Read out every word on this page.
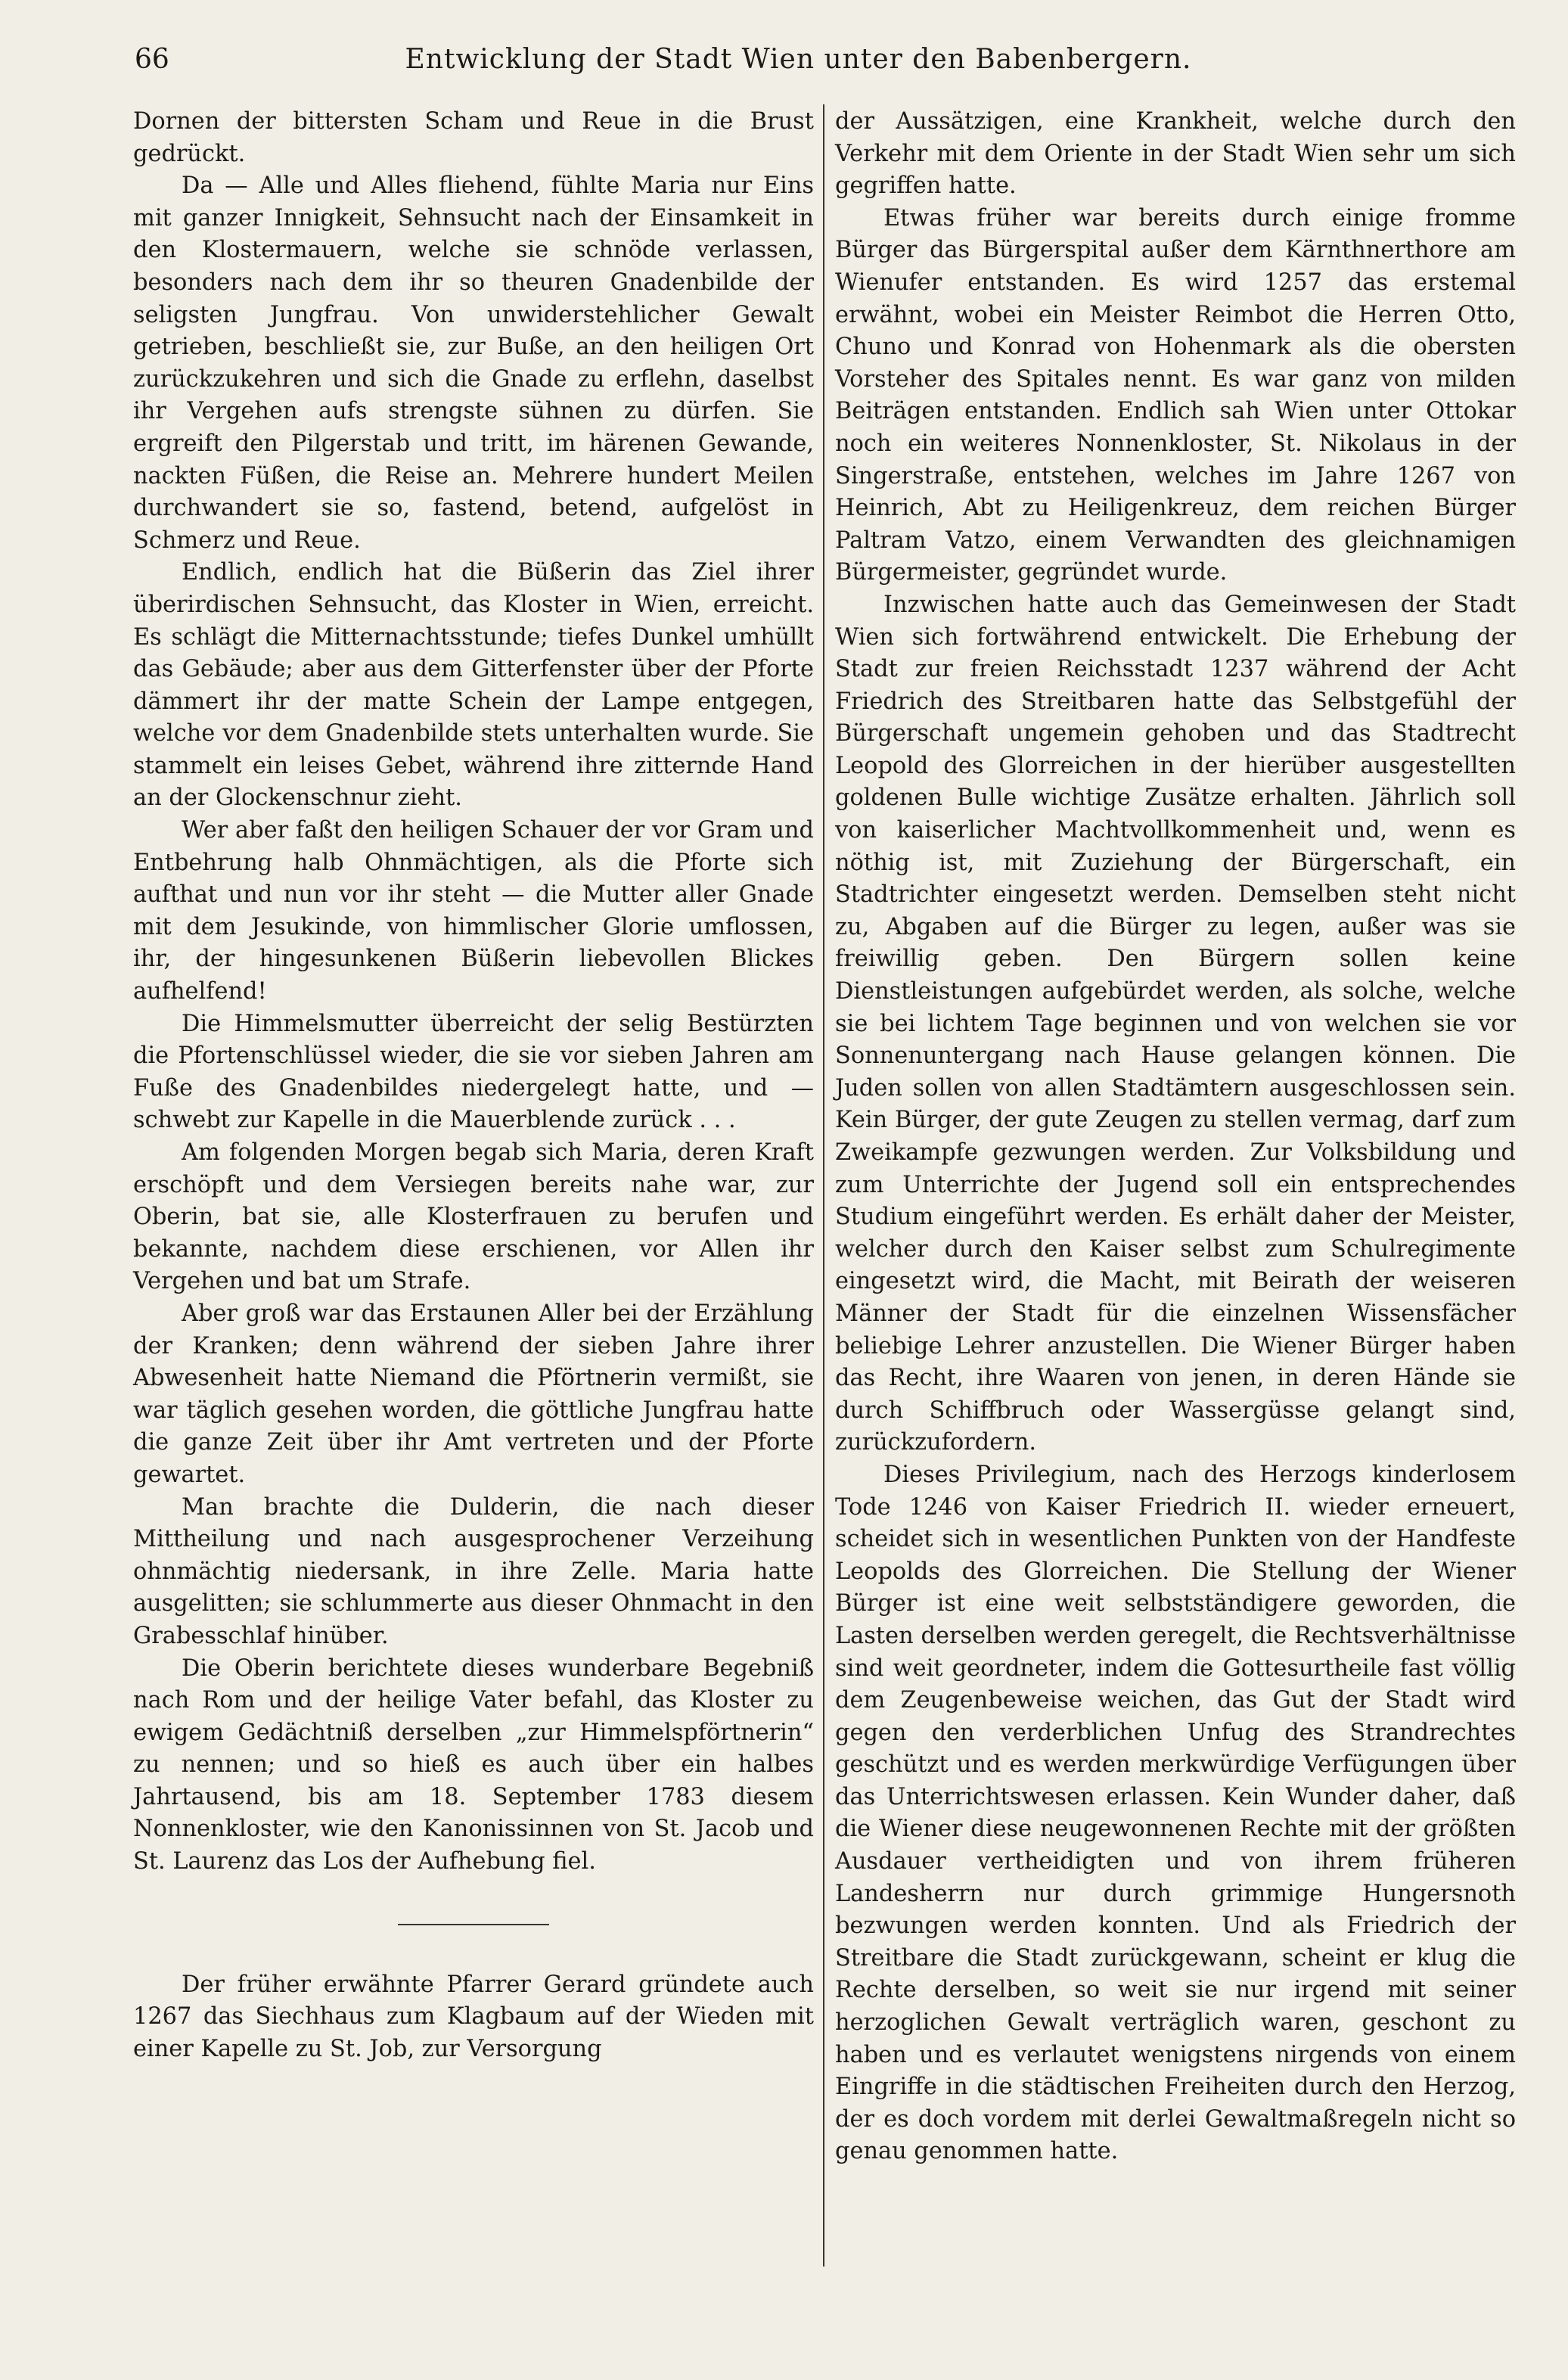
66	Entwicklung der Stadt Wien unter den Babenbergern.

Dornen der bittersten Scham und Reue in die Brust gedrückt.

Da — Alle und Alles fliehend, fühlte Maria nur Eins mit ganzer Innigkeit, Sehnsucht nach der Einsamkeit in den Klostermauern, welche sie schnöde verlassen, besonders nach dem ihr so theuren Gnadenbilde der seligsten Jungfrau. Von unwiderstehlicher Gewalt getrieben, beschließt sie, zur Buße, an den heiligen Ort zurückzukehren und sich die Gnade zu erflehn, daselbst ihr Vergehen aufs strengste sühnen zu dürfen. Sie ergreift den Pilgerstab und tritt, im härenen Gewande, nackten Füßen, die Reise an. Mehrere hundert Meilen durchwandert sie so, fastend, betend, aufgelöst in Schmerz und Reue.

Endlich, endlich hat die Büßerin das Ziel ihrer überirdischen Sehnsucht, das Kloster in Wien, erreicht. Es schlägt die Mitternachtsstunde; tiefes Dunkel umhüllt das Gebäude; aber aus dem Gitterfenster über der Pforte dämmert ihr der matte Schein der Lampe entgegen, welche vor dem Gnadenbilde stets unterhalten wurde. Sie stammelt ein leises Gebet, während ihre zitternde Hand an der Glockenschnur zieht.

Wer aber faßt den heiligen Schauer der vor Gram und Entbehrung halb Ohnmächtigen, als die Pforte sich aufthat und nun vor ihr steht — die Mutter aller Gnade mit dem Jesukinde, von himmlischer Glorie umflossen, ihr, der hingesunkenen Büßerin liebevollen Blickes aufhelfend!

Die Himmelsmutter überreicht der selig Bestürzten die Pfortenschlüssel wieder, die sie vor sieben Jahren am Fuße des Gnadenbildes niedergelegt hatte, und — schwebt zur Kapelle in die Mauerblende zurück . . .

Am folgenden Morgen begab sich Maria, deren Kraft erschöpft und dem Versiegen bereits nahe war, zur Oberin, bat sie, alle Klosterfrauen zu berufen und bekannte, nachdem diese erschienen, vor Allen ihr Vergehen und bat um Strafe.

Aber groß war das Erstaunen Aller bei der Erzählung der Kranken; denn während der sieben Jahre ihrer Abwesenheit hatte Niemand die Pförtnerin vermißt, sie war täglich gesehen worden, die göttliche Jungfrau hatte die ganze Zeit über ihr Amt vertreten und der Pforte gewartet.

Man brachte die Dulderin, die nach dieser Mittheilung und nach ausgesprochener Verzeihung ohnmächtig niedersank, in ihre Zelle. Maria hatte ausgelitten; sie schlummerte aus dieser Ohnmacht in den Grabesschlaf hinüber.

Die Oberin berichtete dieses wunderbare Begebniß nach Rom und der heilige Vater befahl, das Kloster zu ewigem Gedächtniß derselben „zur Himmelspförtnerin“ zu nennen; und so hieß es auch über ein halbes Jahrtausend, bis am 18. September 1783 diesem Nonnenkloster, wie den Kanonissinnen von St. Jacob und St. Laurenz das Los der Aufhebung fiel.

Der früher erwähnte Pfarrer Gerard gründete auch 1267 das Siechhaus zum Klagbaum auf der Wieden mit einer Kapelle zu St. Job, zur Versorgung

der Aussätzigen, eine Krankheit, welche durch den Verkehr mit dem Oriente in der Stadt Wien sehr um sich gegriffen hatte.

Etwas früher war bereits durch einige fromme Bürger das Bürgerspital außer dem Kärnthnerthore am Wienufer entstanden. Es wird 1257 das erstemal erwähnt, wobei ein Meister Reimbot die Herren Otto, Chuno und Konrad von Hohenmark als die obersten Vorsteher des Spitales nennt. Es war ganz von milden Beiträgen entstanden. Endlich sah Wien unter Ottokar noch ein weiteres Nonnenkloster, St. Nikolaus in der Singerstraße, entstehen, welches im Jahre 1267 von Heinrich, Abt zu Heiligenkreuz, dem reichen Bürger Paltram Vatzo, einem Verwandten des gleichnamigen Bürgermeister, gegründet wurde.

Inzwischen hatte auch das Gemeinwesen der Stadt Wien sich fortwährend entwickelt. Die Erhebung der Stadt zur freien Reichsstadt 1237 während der Acht Friedrich des Streitbaren hatte das Selbstgefühl der Bürgerschaft ungemein gehoben und das Stadtrecht Leopold des Glorreichen in der hierüber ausgestellten goldenen Bulle wichtige Zusätze erhalten. Jährlich soll von kaiserlicher Machtvollkommenheit und, wenn es nöthig ist, mit Zuziehung der Bürgerschaft, ein Stadtrichter eingesetzt werden. Demselben steht nicht zu, Abgaben auf die Bürger zu legen, außer was sie freiwillig geben. Den Bürgern sollen keine Dienstleistungen aufgebürdet werden, als solche, welche sie bei lichtem Tage beginnen und von welchen sie vor Sonnenuntergang nach Hause gelangen können. Die Juden sollen von allen Stadtämtern ausgeschlossen sein. Kein Bürger, der gute Zeugen zu stellen vermag, darf zum Zweikampfe gezwungen werden. Zur Volksbildung und zum Unterrichte der Jugend soll ein entsprechendes Studium eingeführt werden. Es erhält daher der Meister, welcher durch den Kaiser selbst zum Schulregimente eingesetzt wird, die Macht, mit Beirath der weiseren Männer der Stadt für die einzelnen Wissensfächer beliebige Lehrer anzustellen. Die Wiener Bürger haben das Recht, ihre Waaren von jenen, in deren Hände sie durch Schiffbruch oder Wassergüsse gelangt sind, zurückzufordern.

Dieses Privilegium, nach des Herzogs kinderlosem Tode 1246 von Kaiser Friedrich II. wieder erneuert, scheidet sich in wesentlichen Punkten von der Handfeste Leopolds des Glorreichen. Die Stellung der Wiener Bürger ist eine weit selbstständigere geworden, die Lasten derselben werden geregelt, die Rechtsverhältnisse sind weit geordneter, indem die Gottesurtheile fast völlig dem Zeugenbeweise weichen, das Gut der Stadt wird gegen den verderblichen Unfug des Strandrechtes geschützt und es werden merkwürdige Verfügungen über das Unterrichtswesen erlassen. Kein Wunder daher, daß die Wiener diese neugewonnenen Rechte mit der größten Ausdauer vertheidigten und von ihrem früheren Landesherrn nur durch grimmige Hungersnoth bezwungen werden konnten. Und als Friedrich der Streitbare die Stadt zurückgewann, scheint er klug die Rechte derselben, so weit sie nur irgend mit seiner herzoglichen Gewalt verträglich waren, geschont zu haben und es verlautet wenigstens nirgends von einem Eingriffe in die städtischen Freiheiten durch den Herzog, der es doch vordem mit derlei Gewaltmaßregeln nicht so genau genommen hatte.
